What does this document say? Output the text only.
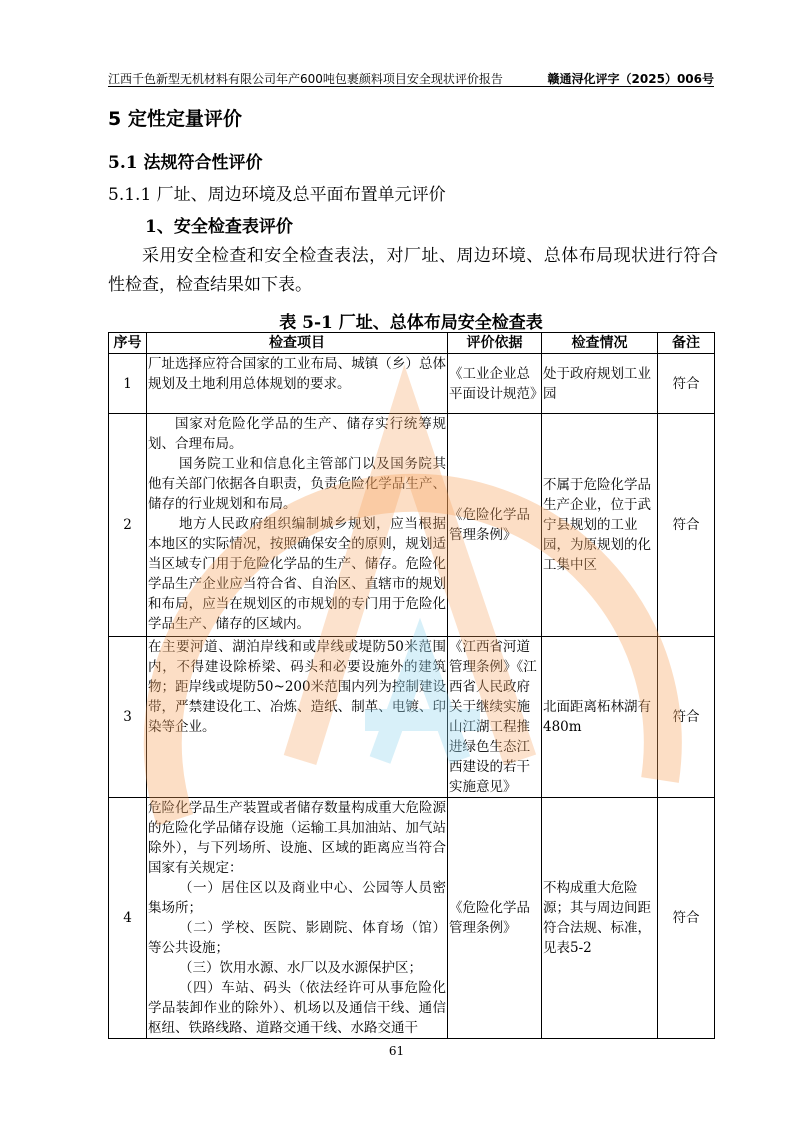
江西千色新型无机材料有限公司年产600吨包裹颜料项目安全现状评价报告	赣通浔化评字（2025）006号
5 定性定量评价
5.1 法规符合性评价
5.1.1 厂址、周边环境及总平面布置单元评价
1、安全检查表评价
采用安全检查和安全检查表法，对厂址、周边环境、总体布局现状进行符合性检查，检查结果如下表。
表 5-1 厂址、总体布局安全检查表
序号	检查项目	评价依据	检查情况	备注
1	厂址选择应符合国家的工业布局、城镇（乡）总体规划及土地利用总体规划的要求。	《工业企业总平面设计规范》	处于政府规划工业园	符合
2	国家对危险化学品的生产、储存实行统筹规划、合理布局。
国务院工业和信息化主管部门以及国务院其他有关部门依据各自职责，负责危险化学品生产、储存的行业规划和布局。
地方人民政府组织编制城乡规划，应当根据本地区的实际情况，按照确保安全的原则，规划适当区域专门用于危险化学品的生产、储存。危险化学品生产企业应当符合省、自治区、直辖市的规划和布局，应当在规划区的市规划的专门用于危险化学品生产、储存的区域内。	《危险化学品管理条例》	不属于危险化学品生产企业，位于武宁县规划的工业园，为原规划的化工集中区	符合
3	在主要河道、湖泊岸线和或岸线或堤防50米范围内，不得建设除桥梁、码头和必要设施外的建筑物；距岸线或堤防50~200米范围内列为控制建设带，严禁建设化工、冶炼、造纸、制革、电镀、印染等企业。	《江西省河道管理条例》《江西省人民政府关于继续实施山江湖工程推进绿色生态江西建设的若干实施意见》	北面距离柘林湖有480m	符合
4	危险化学品生产装置或者储存数量构成重大危险源的危险化学品储存设施（运输工具加油站、加气站除外），与下列场所、设施、区域的距离应当符合国家有关规定：
（一）居住区以及商业中心、公园等人员密集场所；
（二）学校、医院、影剧院、体育场（馆）等公共设施；
（三）饮用水源、水厂以及水源保护区；
（四）车站、码头（依法经许可从事危险化学品装卸作业的除外）、机场以及通信干线、通信枢纽、铁路线路、道路交通干线、水路交通干	《危险化学品管理条例》	不构成重大危险源；其与周边间距符合法规、标准，见表5-2	符合
61
